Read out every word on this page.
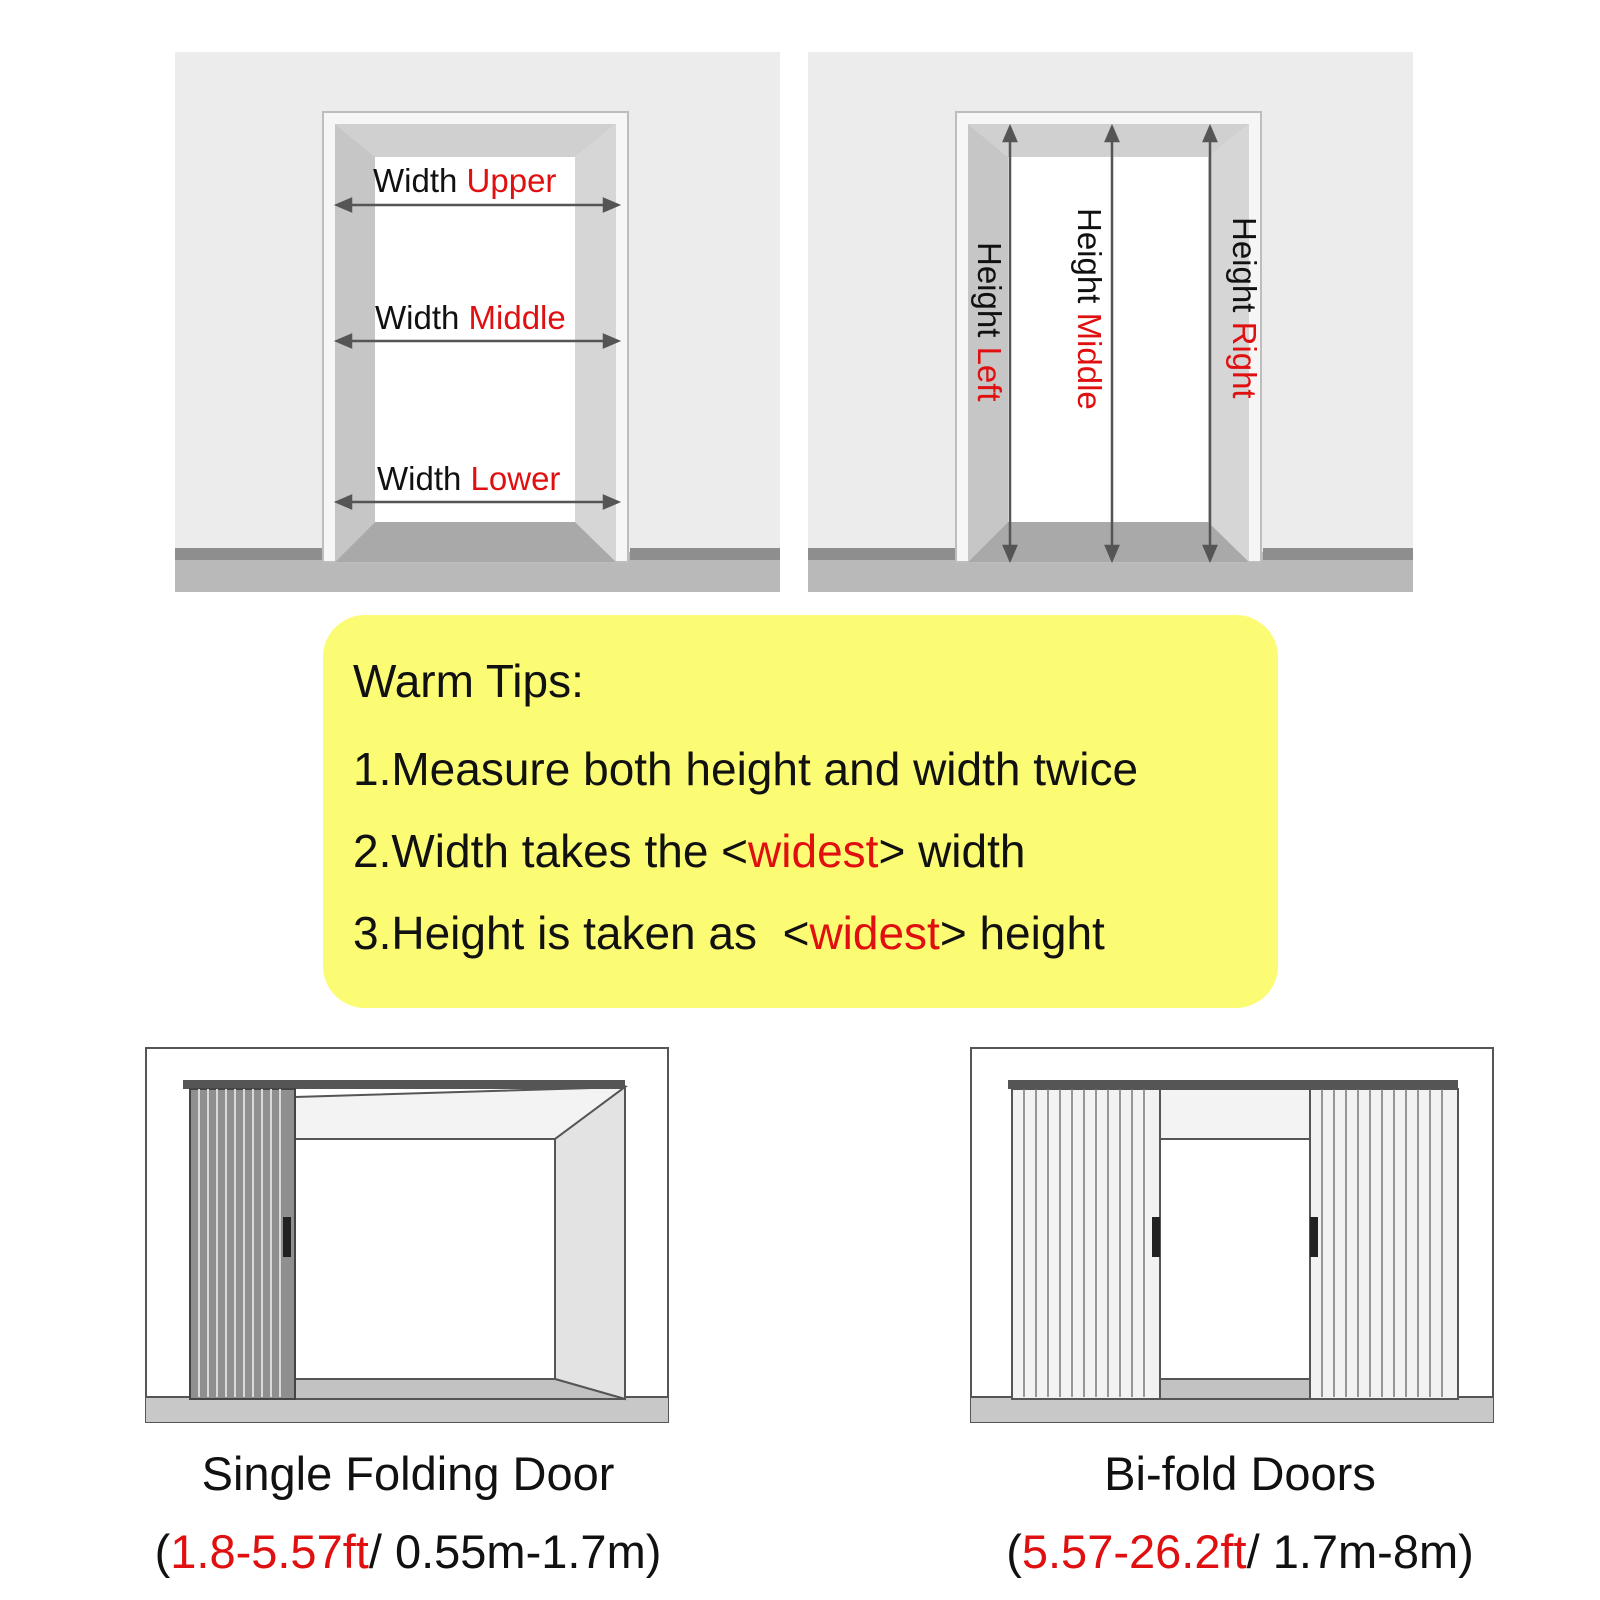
Width Upper
Width Middle
Width Lower
Height Left
Height Middle
Height Right
Warm Tips:
1.Measure both height and width twice
2.Width takes the <widest> width
3.Height is taken as  <widest> height
Single Folding Door
(1.8-5.57ft/ 0.55m-1.7m)
Bi-fold Doors
(5.57-26.2ft/ 1.7m-8m)
